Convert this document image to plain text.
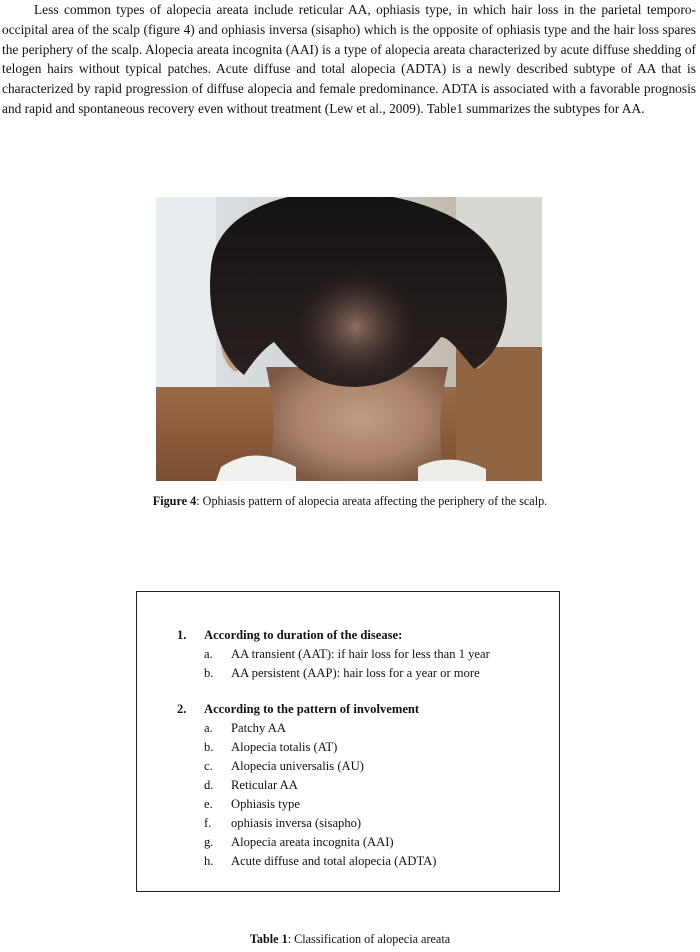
Less common types of alopecia areata include reticular AA, ophiasis type, in which hair loss in the parietal temporo-occipital area of the scalp (figure 4) and ophiasis inversa (sisapho) which is the opposite of ophiasis type and the hair loss spares the periphery of the scalp. Alopecia areata incognita (AAI) is a type of alopecia areata characterized by acute diffuse shedding of telogen hairs without typical patches. Acute diffuse and total alopecia (ADTA) is a newly described subtype of AA that is characterized by rapid progression of diffuse alopecia and female predominance. ADTA is associated with a favorable prognosis and rapid and spontaneous recovery even without treatment (Lew et al., 2009). Table1 summarizes the subtypes for AA.

Figure 4: Ophiasis pattern of alopecia areata affecting the periphery of the scalp.

1.	According to duration of the disease:
a.	AA transient (AAT): if hair loss for less than 1 year
b.	AA persistent (AAP): hair loss for a year or more
2.	According to the pattern of involvement
a.	Patchy AA
b.	Alopecia totalis (AT)
c.	Alopecia universalis (AU)
d.	Reticular AA
e.	Ophiasis type
f.	ophiasis inversa (sisapho)
g.	Alopecia areata incognita (AAI)
h.	Acute diffuse and total alopecia (ADTA)

Table 1: Classification of alopecia areata
